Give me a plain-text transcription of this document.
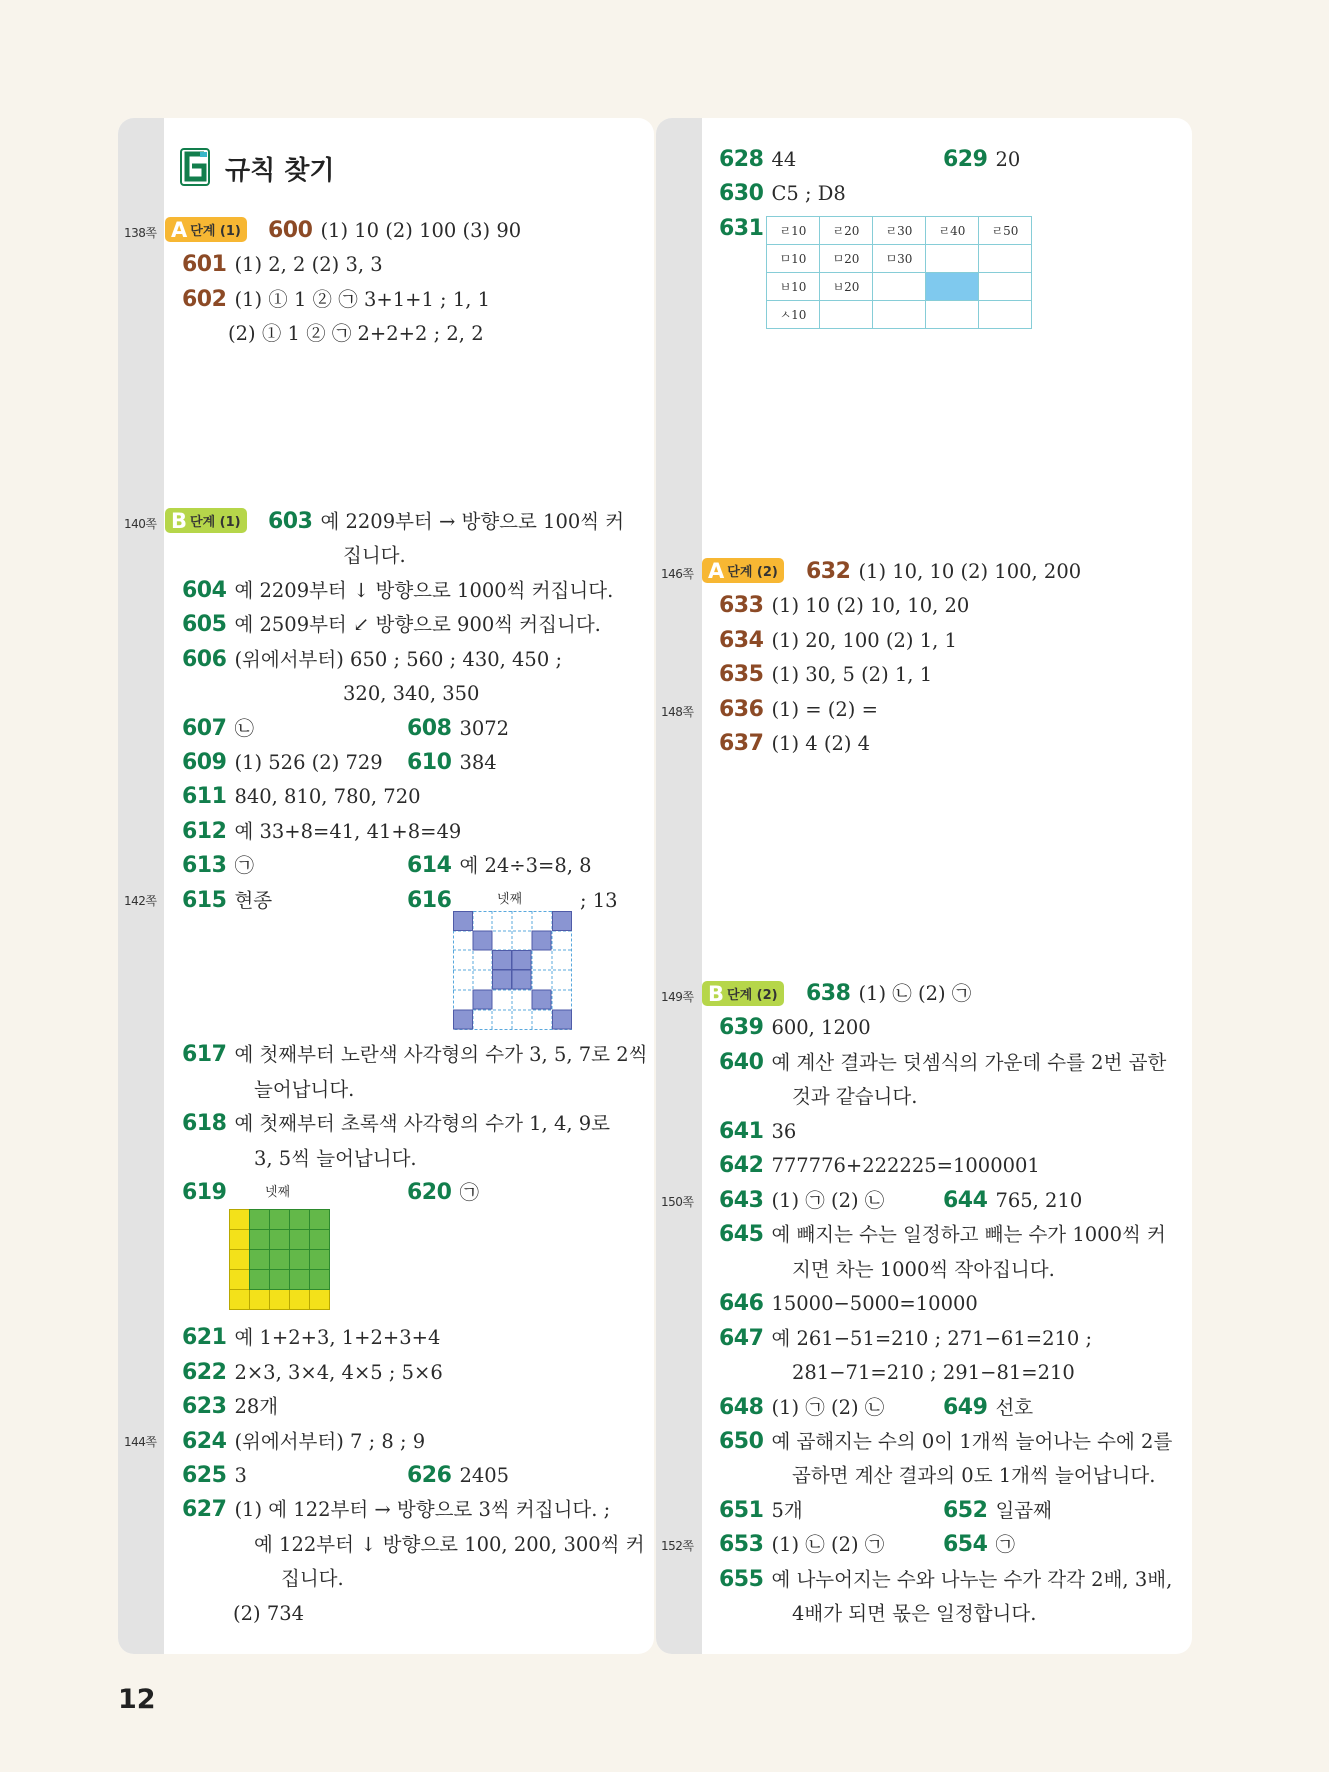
규칙 찾기
138쪽
140쪽
142쪽
144쪽
146쪽
148쪽
149쪽
150쪽
152쪽
A 단계 (1)
B 단계 (1)
A 단계 (2)
B 단계 (2)
600 (1) 10 (2) 100 (3) 90
601 (1) 2, 2 (2) 3, 3
602 (1) ① 1 ② ㉠ 3+1+1 ; 1, 1
(2) ① 1 ② ㉠ 2+2+2 ; 2, 2
603 예 2209부터 → 방향으로 100씩 커
집니다.
604 예 2209부터 ↓ 방향으로 1000씩 커집니다.
605 예 2509부터 ↙ 방향으로 900씩 커집니다.
606 (위에서부터) 650 ; 560 ; 430, 450 ;
320, 340, 350
607 ㉡	608 3072
609 (1) 526 (2) 729 610 384
611 840, 810, 780, 720
612 예 33+8=41, 41+8=49
613 ㉠	614 예 24÷3=8, 8
615 현종	616	넷째	; 13
617 예 첫째부터 노란색 사각형의 수가 3, 5, 7로 2씩
늘어납니다.
618 예 첫째부터 초록색 사각형의 수가 1, 4, 9로
3, 5씩 늘어납니다.
619	넷째	620 ㉠
621 예 1+2+3, 1+2+3+4
622 2×3, 3×4, 4×5 ; 5×6
623 28개
624 (위에서부터) 7 ; 8 ; 9
625 3	626 2405
627 (1) 예 122부터 → 방향으로 3씩 커집니다. ;
예 122부터 ↓ 방향으로 100, 200, 300씩 커
집니다.
(2) 734
628 44	629 20
630 C5 ; D8
631	ㄹ10	ㄹ20	ㄹ30	ㄹ40	ㄹ50
ㅁ10	ㅁ20	ㅁ30		
ㅂ10	ㅂ20			
ㅅ10				
632 (1) 10, 10 (2) 100, 200
633 (1) 10 (2) 10, 10, 20
634 (1) 20, 100 (2) 1, 1
635 (1) 30, 5 (2) 1, 1
636 (1) = (2) =
637 (1) 4 (2) 4
638 (1) ㉡ (2) ㉠
639 600, 1200
640 예 계산 결과는 덧셈식의 가운데 수를 2번 곱한
것과 같습니다.
641 36
642 777776+222225=1000001
643 (1) ㉠ (2) ㉡	644 765, 210
645 예 빼지는 수는 일정하고 빼는 수가 1000씩 커
지면 차는 1000씩 작아집니다.
646 15000−5000=10000
647 예 261−51=210 ; 271−61=210 ;
281−71=210 ; 291−81=210
648 (1) ㉠ (2) ㉡	649 선호
650 예 곱해지는 수의 0이 1개씩 늘어나는 수에 2를
곱하면 계산 결과의 0도 1개씩 늘어납니다.
651 5개	652 일곱째
653 (1) ㉡ (2) ㉠	654 ㉠
655 예 나누어지는 수와 나누는 수가 각각 2배, 3배,
4배가 되면 몫은 일정합니다.
12
